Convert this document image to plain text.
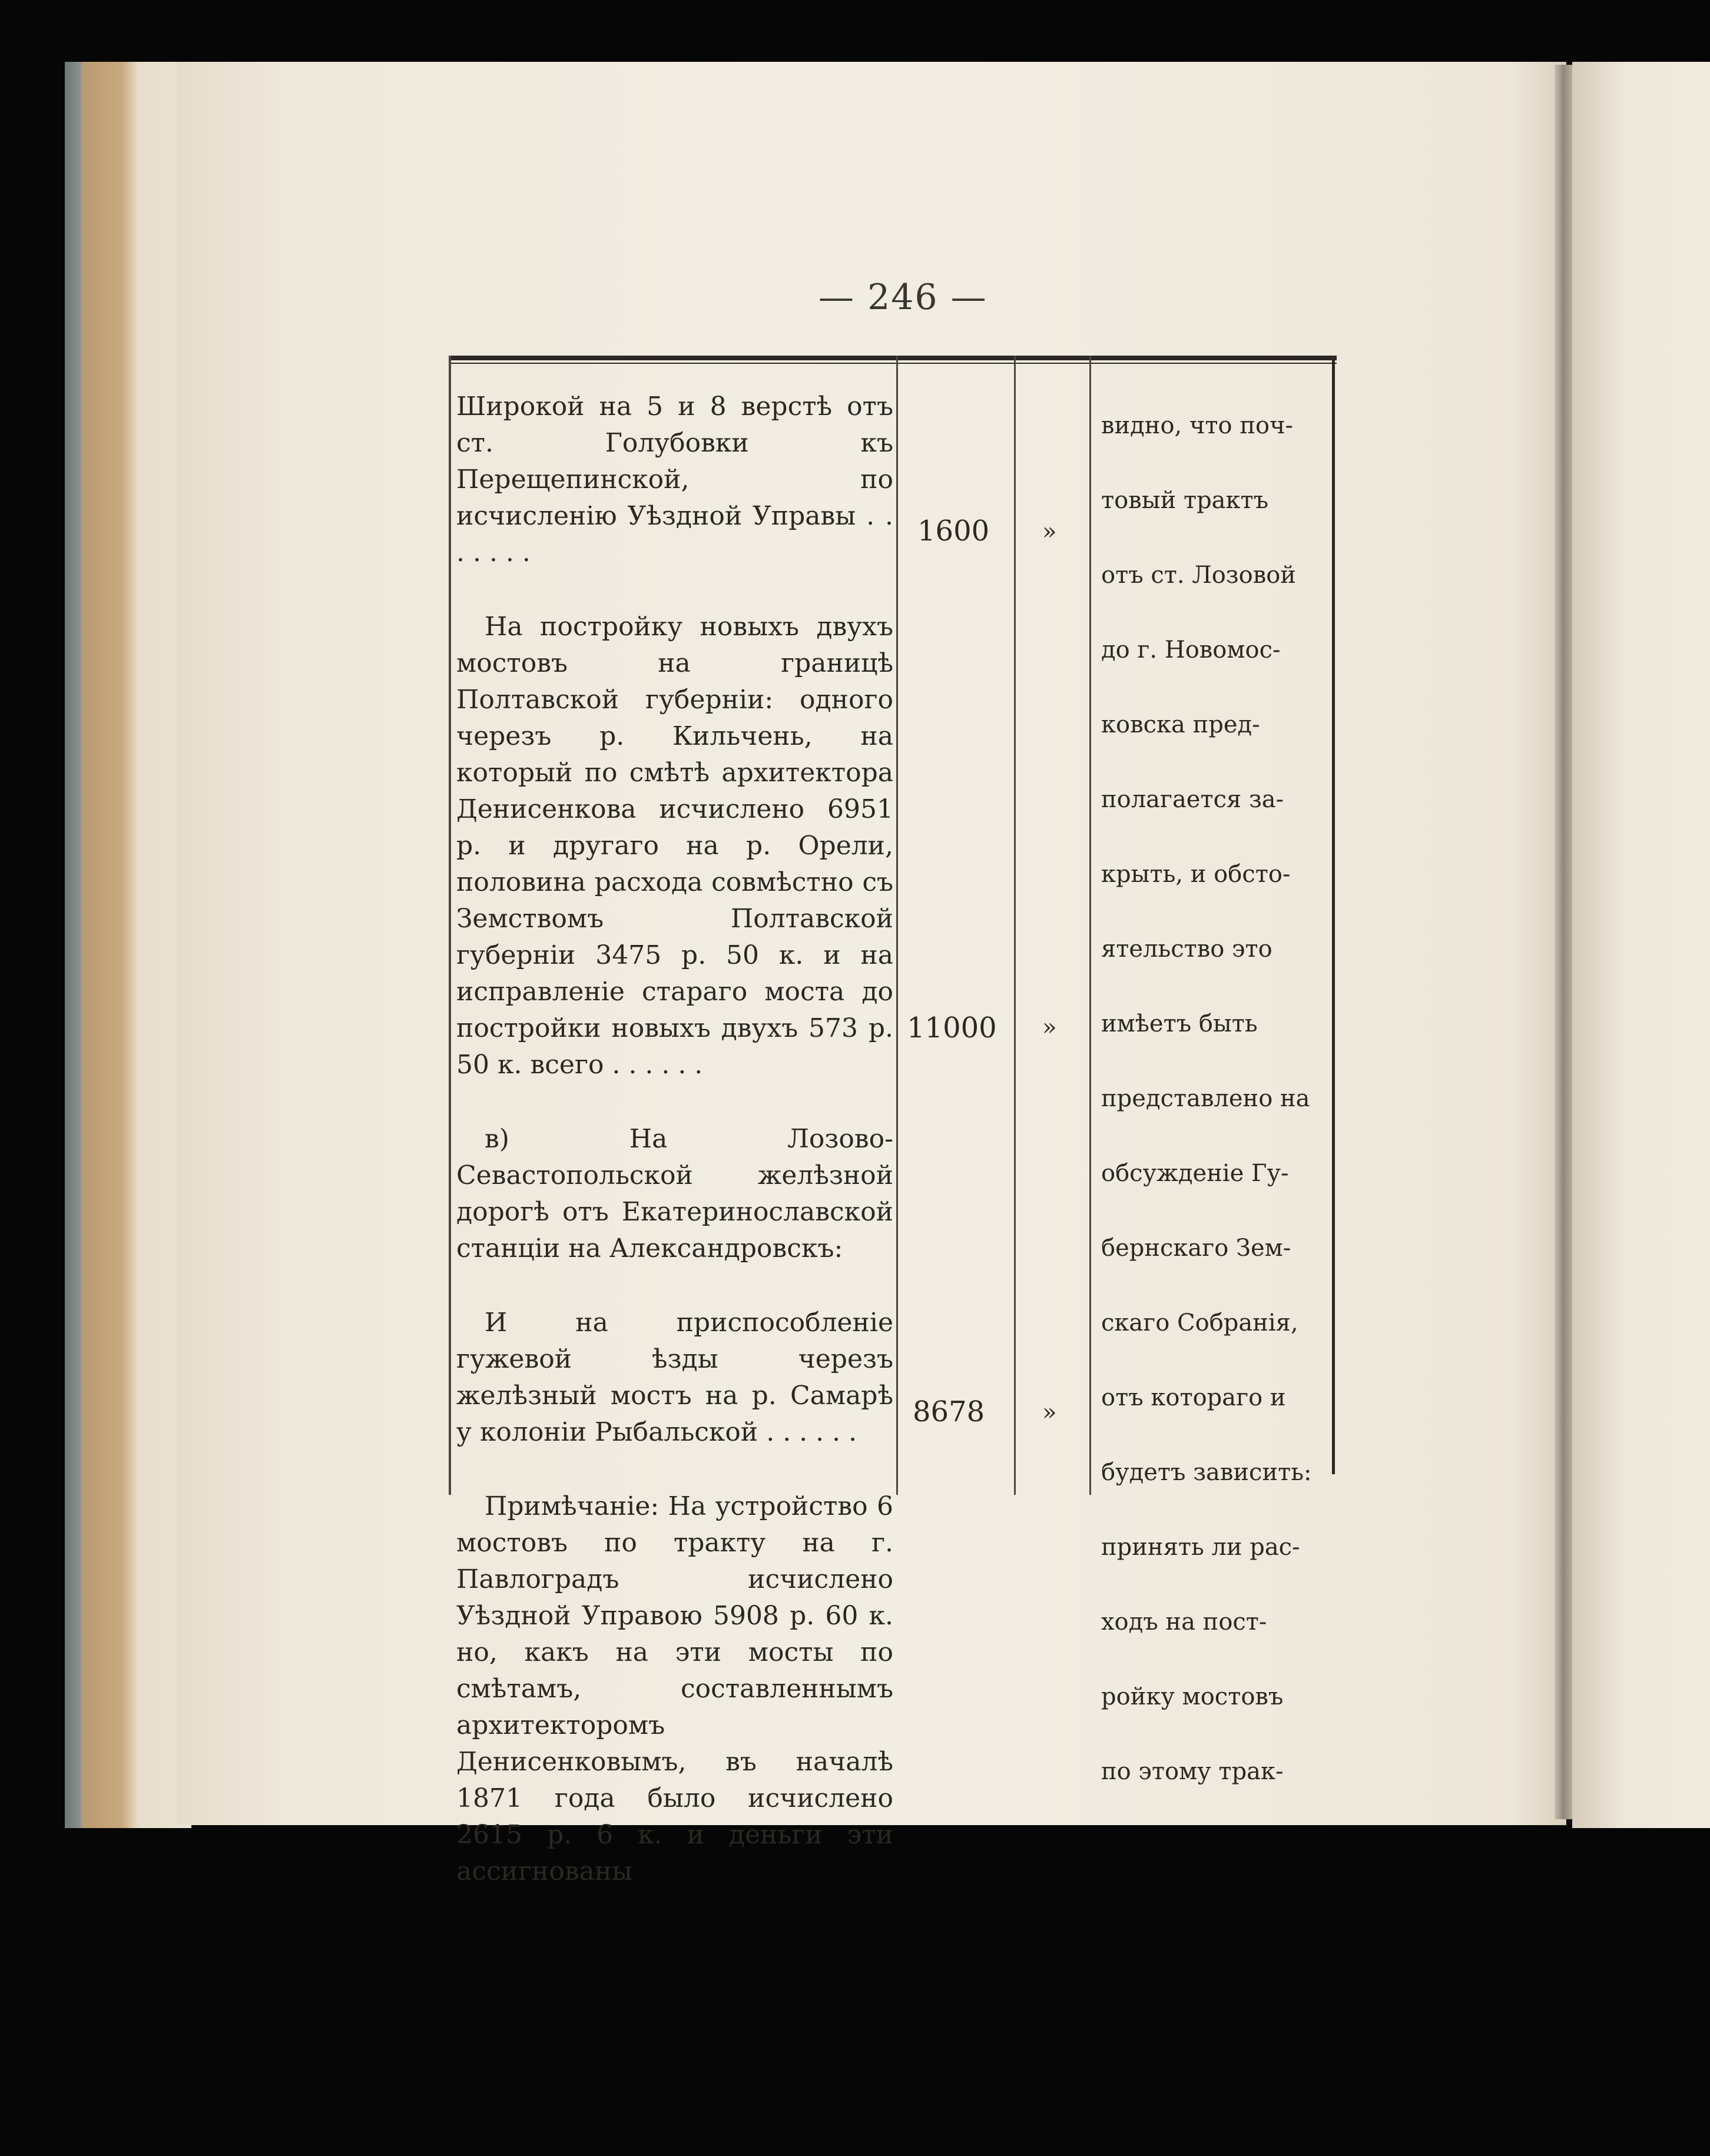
— 246 —

Широкой на 5 и 8 верстѣ отъ ст. Голубовки къ Перещепинской, по исчисленію Уѣздной Управы . . . . . . .

На постройку новыхъ двухъ мостовъ на границѣ Полтавской губерніи: одного черезъ р. Кильчень, на который по смѣтѣ архитектора Денисенкова исчислено 6951 р. и другаго на р. Орели, половина расхода совмѣстно съ Земствомъ Полтавской губерніи 3475 р. 50 к. и на исправленіе стараго моста до постройки новыхъ двухъ 573 р. 50 к. всего . . . . . .

в) На Лозово-Севастопольской желѣзной дорогѣ отъ Екатеринославской станціи на Александровскъ:

И на приспособленіе гужевой ѣзды черезъ желѣзный мостъ на р. Самарѣ у колоніи Рыбальской . . . . . .

Примѣчаніе: На устройство 6 мостовъ по тракту на г. Павлоградъ исчислено Уѣздной Управою 5908 р. 60 к. но, какъ на эти мосты по смѣтамъ, составленнымъ архитекторомъ Денисенковымъ, въ началѣ 1871 года было исчислено 2615 р. 6 к. и деньги эти ассигнованы

1600 »
11000 »
8678 »
видно, что поч-
товый трактъ
отъ ст. Лозовой
до г. Новомос-
ковска пред-
полагается за-
крыть, и обсто-
ятельство это
имѣетъ быть
представлено на
обсужденіе Гу-
бернскаго Зем-
скаго Собранія,
отъ котораго и
будетъ зависить:
принять ли рас-
ходъ на пост-
ройку мостовъ
по этому трак-
